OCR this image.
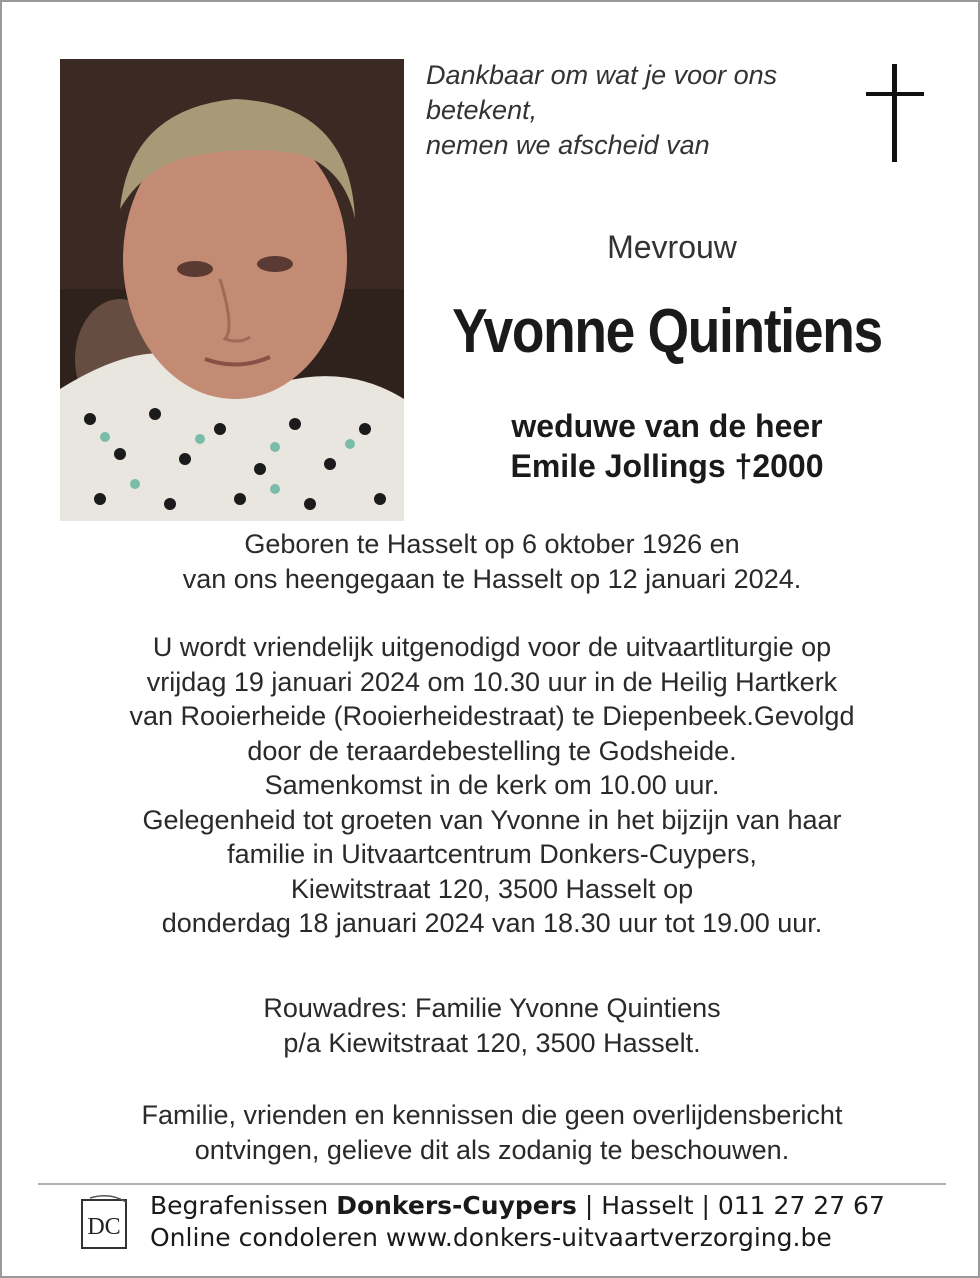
Dankbaar om wat je voor ons
betekent,
nemen we afscheid van
Mevrouw
Yvonne Quintiens
weduwe van de heer
Emile Jollings †2000
Geboren te Hasselt op 6 oktober 1926 en
van ons heengegaan te Hasselt op 12 januari 2024.
U wordt vriendelijk uitgenodigd voor de uitvaartliturgie op
vrijdag 19 januari 2024 om 10.30 uur in de Heilig Hartkerk
van Rooierheide (Rooierheidestraat) te Diepenbeek.Gevolgd
door de teraardebestelling te Godsheide.
Samenkomst in de kerk om 10.00 uur.
Gelegenheid tot groeten van Yvonne in het bijzijn van haar
familie in Uitvaartcentrum Donkers-Cuypers,
Kiewitstraat 120, 3500 Hasselt op
donderdag 18 januari 2024 van 18.30 uur tot 19.00 uur.
Rouwadres: Familie Yvonne Quintiens
p/a Kiewitstraat 120, 3500 Hasselt.
Familie, vrienden en kennissen die geen overlijdensbericht
ontvingen, gelieve dit als zodanig te beschouwen.
DC
Begrafenissen Donkers-Cuypers | Hasselt | 011 27 27 67
Online condoleren www.donkers-uitvaartverzorging.be
